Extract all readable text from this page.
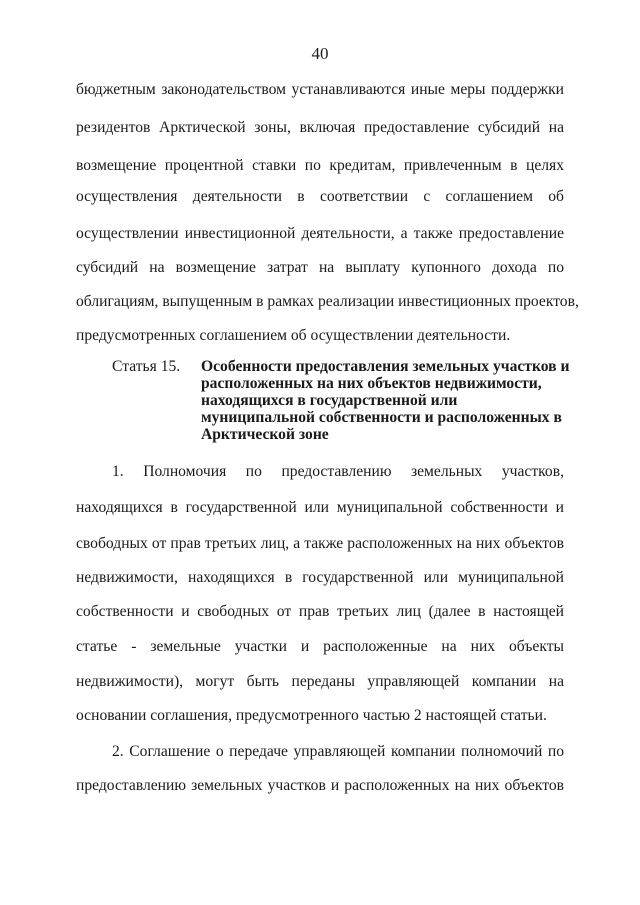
40
бюджетным законодательством устанавливаются иные меры поддержки
резидентов Арктической зоны, включая предоставление субсидий на
возмещение процентной ставки по кредитам, привлеченным в целях
осуществления деятельности в соответствии с соглашением об
осуществлении инвестиционной деятельности, а также предоставление
субсидий на возмещение затрат на выплату купонного дохода по
облигациям, выпущенным в рамках реализации инвестиционных проектов,
предусмотренных соглашением об осуществлении деятельности.
Статья 15. Особенности предоставления земельных участков и
расположенных на них объектов недвижимости,
находящихся в государственной или
муниципальной собственности и расположенных в
Арктической зоне
1. Полномочия по предоставлению земельных участков,
находящихся в государственной или муниципальной собственности и
свободных от прав третьих лиц, а также расположенных на них объектов
недвижимости, находящихся в государственной или муниципальной
собственности и свободных от прав третьих лиц (далее в настоящей
статье - земельные участки и расположенные на них объекты
недвижимости), могут быть переданы управляющей компании на
основании соглашения, предусмотренного частью 2 настоящей статьи.
2. Соглашение о передаче управляющей компании полномочий по
предоставлению земельных участков и расположенных на них объектов
